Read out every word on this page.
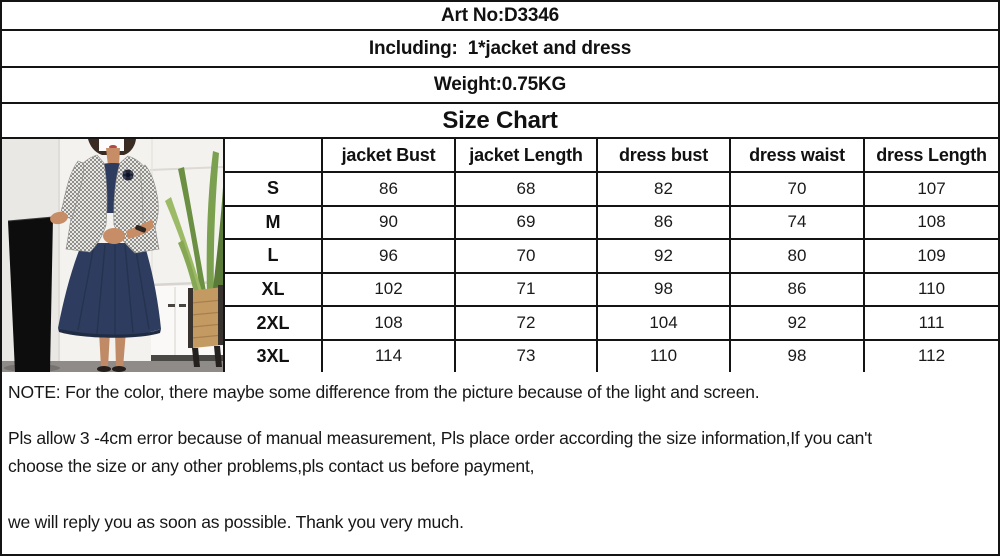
Art No:D3346
Including:  1*jacket and dress
Weight:0.75KG
Size Chart
	jacket Bust	jacket Length	dress bust	dress waist	dress Length
S	86	68	82	70	107
M	90	69	86	74	108
L	96	70	92	80	109
XL	102	71	98	86	110
2XL	108	72	104	92	111
3XL	114	73	110	98	112
NOTE: For the color, there maybe some difference from the picture because of the light and screen.
Pls allow 3 -4cm error because of manual measurement, Pls place order according the size information,If you can't
choose the size or any other problems,pls contact us before payment,
we will reply you as soon as possible. Thank you very much.
